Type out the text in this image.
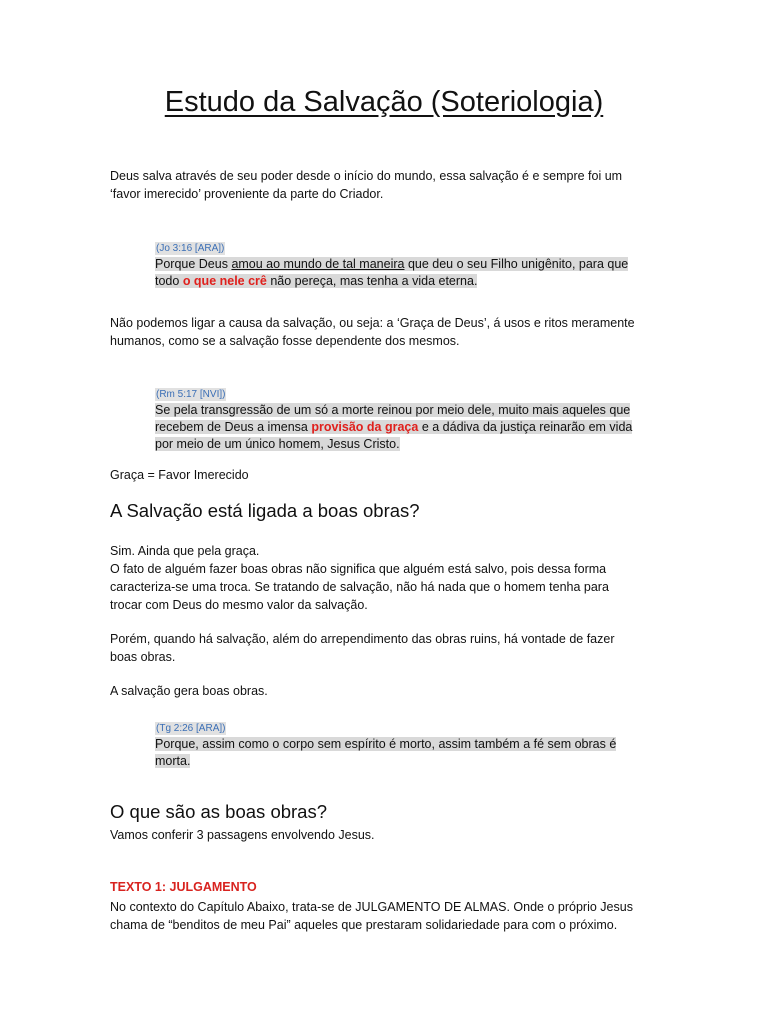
Estudo da Salvação (Soteriologia)
Deus salva através de seu poder desde o início do mundo, essa salvação é e sempre foi um
‘favor imerecido’ proveniente da parte do Criador.
(Jo 3:16 [ARA])
Porque Deus amou ao mundo de tal maneira que deu o seu Filho unigênito, para que
todo o que nele crê não pereça, mas tenha a vida eterna.
Não podemos ligar a causa da salvação, ou seja: a ‘Graça de Deus’, á usos e ritos meramente
humanos, como se a salvação fosse dependente dos mesmos.
(Rm 5:17 [NVI])
Se pela transgressão de um só a morte reinou por meio dele, muito mais aqueles que
recebem de Deus a imensa provisão da graça e a dádiva da justiça reinarão em vida
por meio de um único homem, Jesus Cristo.
Graça = Favor Imerecido
A Salvação está ligada a boas obras?
Sim. Ainda que pela graça.
O fato de alguém fazer boas obras não significa que alguém está salvo, pois dessa forma
caracteriza-se uma troca. Se tratando de salvação, não há nada que o homem tenha para
trocar com Deus do mesmo valor da salvação.
Porém, quando há salvação, além do arrependimento das obras ruins, há vontade de fazer
boas obras.
A salvação gera boas obras.
(Tg 2:26 [ARA])
Porque, assim como o corpo sem espírito é morto, assim também a fé sem obras é
morta.
O que são as boas obras?
Vamos conferir 3 passagens envolvendo Jesus.
TEXTO 1: JULGAMENTO
No contexto do Capítulo Abaixo, trata-se de JULGAMENTO DE ALMAS. Onde o próprio Jesus
chama de “benditos de meu Pai” aqueles que prestaram solidariedade para com o próximo.
